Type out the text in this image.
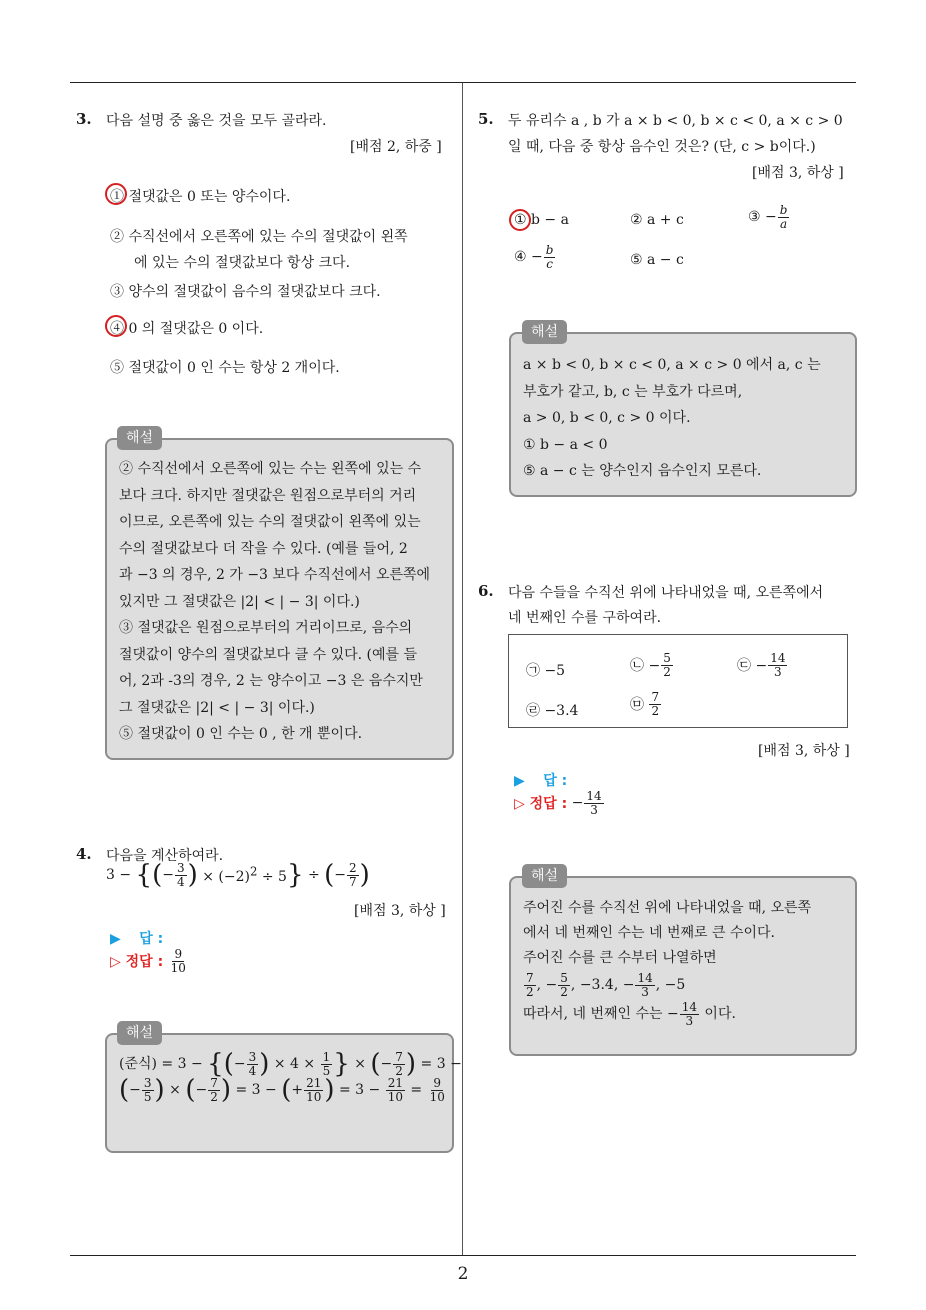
2
3. 다음 설명 중 옳은 것을 모두 골라라.
[배점 2, 하중 ]
① 절댓값은 0 또는 양수이다.
② 수직선에서 오른쪽에 있는 수의 절댓값이 왼쪽
에 있는 수의 절댓값보다 항상 크다.
③ 양수의 절댓값이 음수의 절댓값보다 크다.
④ 0 의 절댓값은 0 이다.
⑤ 절댓값이 0 인 수는 항상 2 개이다.
② 수직선에서 오른쪽에 있는 수는 왼쪽에 있는 수
보다 크다. 하지만 절댓값은 원점으로부터의 거리
이므로, 오른쪽에 있는 수의 절댓값이 왼쪽에 있는
수의 절댓값보다 더 작을 수 있다. (예를 들어, 2
과 −3 의 경우, 2 가 −3 보다 수직선에서 오른쪽에
있지만 그 절댓값은 |2| < | − 3| 이다.)
③ 절댓값은 원점으로부터의 거리이므로, 음수의
절댓값이 양수의 절댓값보다 클 수 있다. (예를 들
어, 2과 -3의 경우, 2 는 양수이고 −3 은 음수지만
그 절댓값은 |2| < | − 3| 이다.)
⑤ 절댓값이 0 인 수는 0 , 한 개 뿐이다.
해설
4. 다음을 계산하여라.
3 − {(− $\frac{3}{4}$ ) × $(-2)^2 \div 5$} ÷ (− $\frac{2}{7}$ )
[배점 3, 하상 ]
▶ 답 :
▷ 정답 : $\frac{9}{10}$
(준식) = 3 − {(− $\frac{3}{4}$ ) × $4 \times \frac{1}{5}$ } × (− $\frac{7}{2}$ ) = 3 −
(− $\frac{3}{5}$ ) × (− $\frac{7}{2}$ ) = 3 − (+ $\frac{21}{10}$ ) = $3 - \frac{21}{10} = \frac{9}{10}$
해설
5. 두 유리수 a , b 가 a × b < 0, b × c < 0, a × c > 0
일 때, 다음 중 항상 음수인 것은? (단, c > b이다.)
[배점 3, 하상 ]
① b − a	② a + c	③ − $\frac{b}{a}$
④ − $\frac{b}{c}$	⑤ a − c
a × b < 0, b × c < 0, a × c > 0 에서 a, c 는
부호가 같고, b, c 는 부호가 다르며,
a > 0, b < 0, c > 0 이다.
① b − a < 0
⑤ a − c 는 양수인지 음수인지 모른다.
해설
6. 다음 수들을 수직선 위에 나타내었을 때, 오른쪽에서
네 번째인 수를 구하여라.
㉠ −5	㉡ − $\frac{5}{2}$	㉢ − $\frac{14}{3}$
㉣ −3.4	㉤ $\frac{7}{2}$
[배점 3, 하상 ]
▶ 답 :
▷ 정답 : − $\frac{14}{3}$
주어진 수를 수직선 위에 나타내었을 때, 오른쪽
에서 네 번째인 수는 네 번째로 큰 수이다.
주어진 수를 큰 수부터 나열하면
$\frac{7}{2}$ , − $\frac{5}{2}$ , −3.4, − $\frac{14}{3}$ , −5
따라서, 네 번째인 수는 − $\frac{14}{3}$ 이다.
해설
